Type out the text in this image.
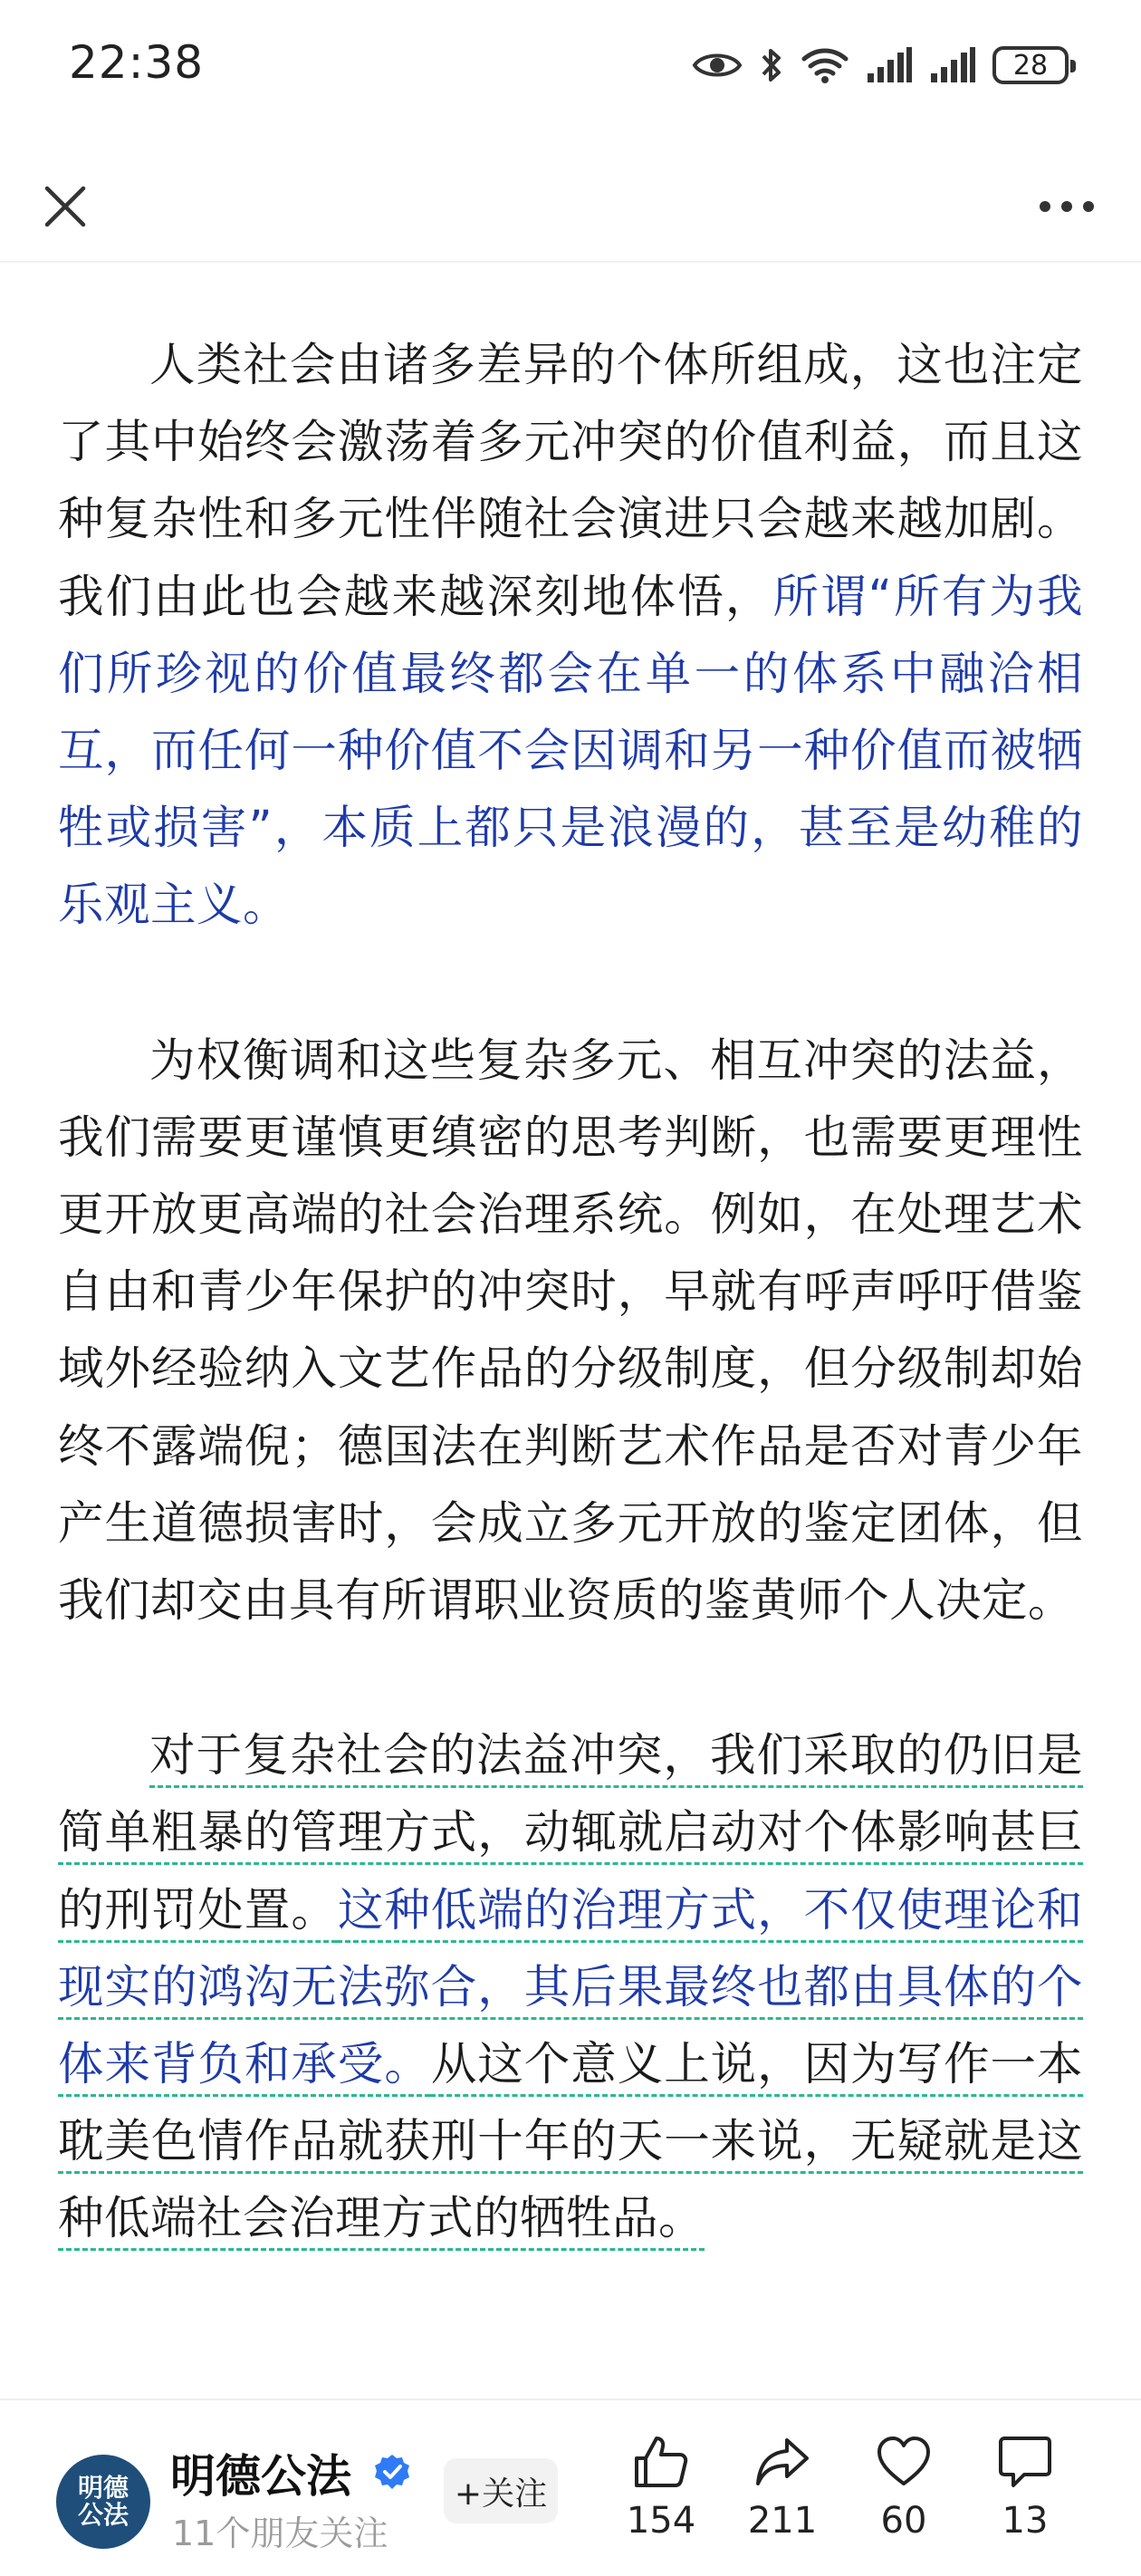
22:38	28

人类社会由诸多差异的个体所组成，这也注定了其中始终会激荡着多元冲突的价值利益，而且这种复杂性和多元性伴随社会演进只会越来越加剧。我们由此也会越来越深刻地体悟，所谓“所有为我们所珍视的价值最终都会在单一的体系中融洽相互，而任何一种价值不会因调和另一种价值而被牺牲或损害”，本质上都只是浪漫的，甚至是幼稚的乐观主义。

为权衡调和这些复杂多元、相互冲突的法益，我们需要更谨慎更缜密的思考判断，也需要更理性更开放更高端的社会治理系统。例如，在处理艺术自由和青少年保护的冲突时，早就有呼声呼吁借鉴域外经验纳入文艺作品的分级制度，但分级制却始终不露端倪；德国法在判断艺术作品是否对青少年产生道德损害时，会成立多元开放的鉴定团体，但我们却交由具有所谓职业资质的鉴黄师个人决定。

对于复杂社会的法益冲突，我们采取的仍旧是简单粗暴的管理方式，动辄就启动对个体影响甚巨的刑罚处置。这种低端的治理方式，不仅使理论和现实的鸿沟无法弥合，其后果最终也都由具体的个体来背负和承受。从这个意义上说，因为写作一本耽美色情作品就获刑十年的天一来说，无疑就是这种低端社会治理方式的牺牲品。

明德公法
明德公法
11个朋友关注
+关注
154 211 60 13
